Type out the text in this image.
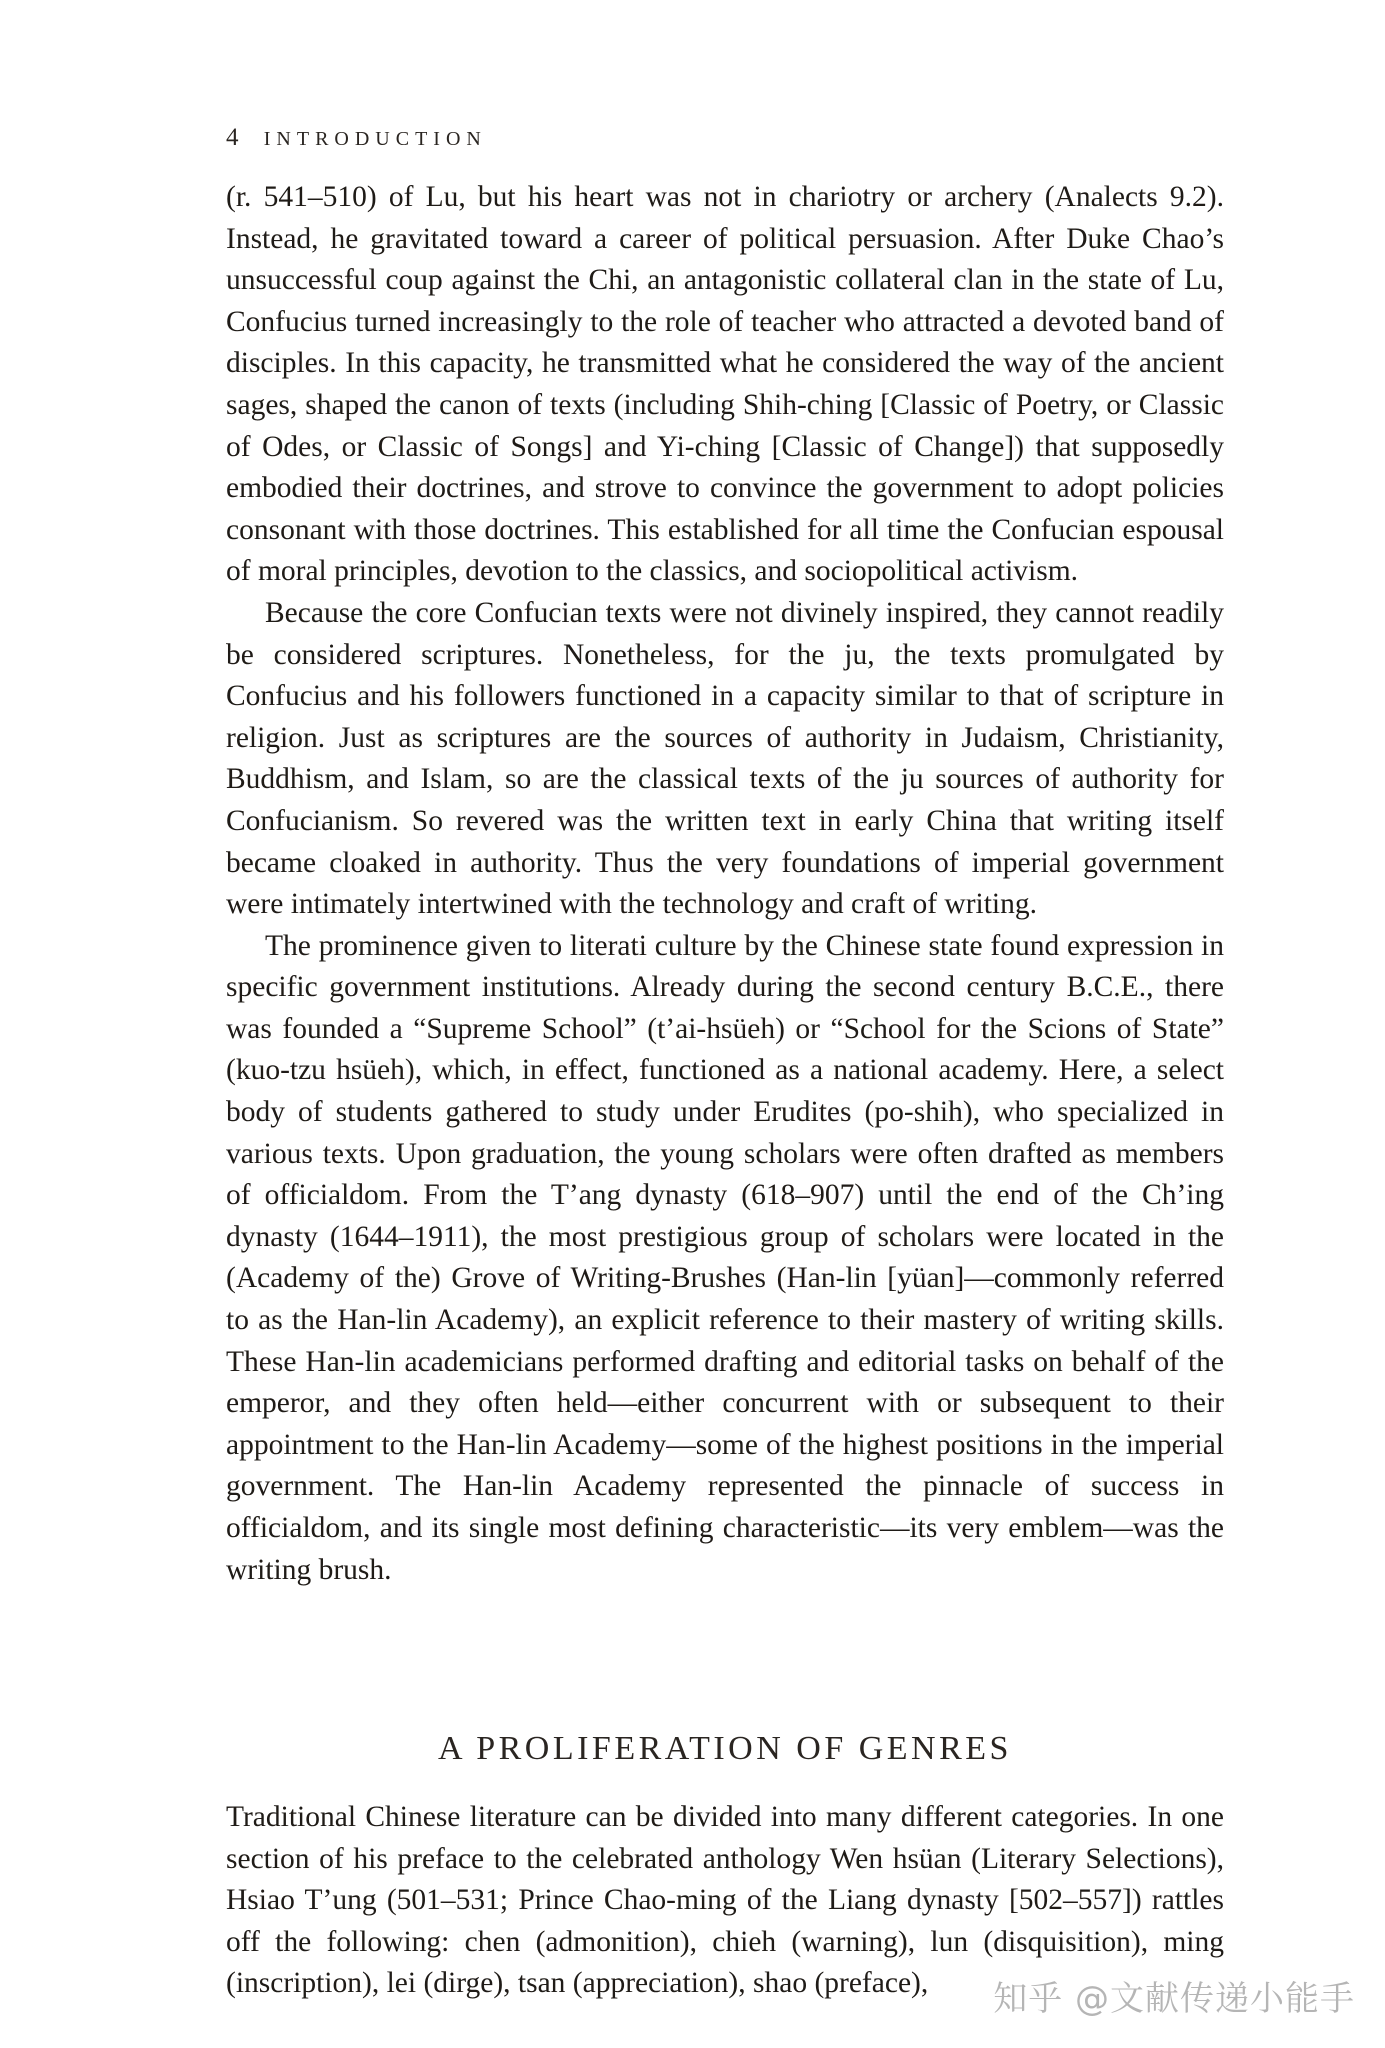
4 INTRODUCTION

(r. 541–510) of Lu, but his heart was not in chariotry or archery (Analects 9.2). Instead, he gravitated toward a career of political persuasion. After Duke Chao’s unsuccessful coup against the Chi, an antagonistic collateral clan in the state of Lu, Confucius turned increasingly to the role of teacher who attracted a devoted band of disciples. In this capacity, he transmitted what he considered the way of the ancient sages, shaped the canon of texts (including Shih-ching [Classic of Poetry, or Classic of Odes, or Classic of Songs] and Yi-ching [Classic of Change]) that supposedly embodied their doctrines, and strove to convince the government to adopt policies consonant with those doctrines. This established for all time the Confucian espousal of moral principles, devotion to the classics, and sociopolitical activism.

Because the core Confucian texts were not divinely inspired, they cannot readily be considered scriptures. Nonetheless, for the ju, the texts promulgated by Confucius and his followers functioned in a capacity similar to that of scripture in religion. Just as scriptures are the sources of authority in Judaism, Christianity, Buddhism, and Islam, so are the classical texts of the ju sources of authority for Confucianism. So revered was the written text in early China that writing itself became cloaked in authority. Thus the very foundations of imperial government were intimately intertwined with the technology and craft of writing.

The prominence given to literati culture by the Chinese state found expression in specific government institutions. Already during the second century B.C.E., there was founded a “Supreme School” (t’ai-hsüeh) or “School for the Scions of State” (kuo-tzu hsüeh), which, in effect, functioned as a national academy. Here, a select body of students gathered to study under Erudites (po-shih), who specialized in various texts. Upon graduation, the young scholars were often drafted as members of officialdom. From the T’ang dynasty (618–907) until the end of the Ch’ing dynasty (1644–1911), the most prestigious group of scholars were located in the (Academy of the) Grove of Writing-Brushes (Han-lin [yüan]—commonly referred to as the Han-lin Academy), an explicit reference to their mastery of writing skills. These Han-lin academicians performed drafting and editorial tasks on behalf of the emperor, and they often held—either concurrent with or subsequent to their appointment to the Han-lin Academy—some of the highest positions in the imperial government. The Han-lin Academy represented the pinnacle of success in officialdom, and its single most defining characteristic—its very emblem—was the writing brush.

A PROLIFERATION OF GENRES

Traditional Chinese literature can be divided into many different categories. In one section of his preface to the celebrated anthology Wen hsüan (Literary Selections), Hsiao T’ung (501–531; Prince Chao-ming of the Liang dynasty [502–557]) rattles off the following: chen (admonition), chieh (warning), lun (disquisition), ming (inscription), lei (dirge), tsan (appreciation), shao (preface),	知乎 @文献传递小能手
